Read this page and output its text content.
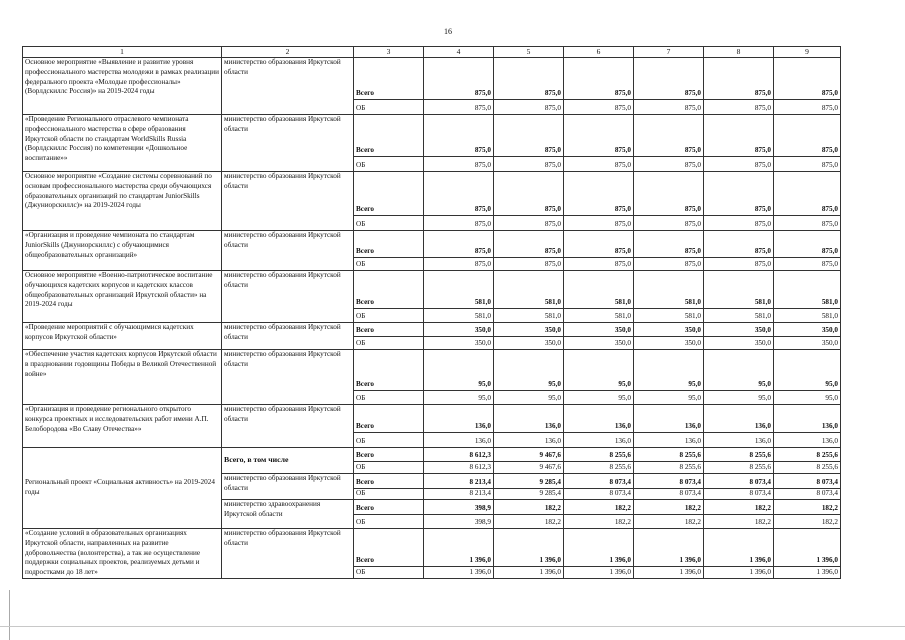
16
1	2	3	4	5	6	7	8	9
Основное мероприятие «Выявление и развитие уровня профессионального мастерства молодежи в рамках реализации федерального проекта «Молодые профессионалы» (Ворлдскиллс Россия)» на 2019-2024 годы	министерство образования Иркутской области	Всего	875,0	875,0	875,0	875,0	875,0	875,0
		ОБ	875,0	875,0	875,0	875,0	875,0	875,0
«Проведение Регионального отраслевого чемпионата профессионального мастерства в сфере образования Иркутской области по стандартам WorldSkills Russia (Ворлдскиллс Россия) по компетенции «Дошкольное воспитание»»	министерство образования Иркутской области	Всего	875,0	875,0	875,0	875,0	875,0	875,0
		ОБ	875,0	875,0	875,0	875,0	875,0	875,0
Основное мероприятие «Создание системы соревнований по основам профессионального мастерства среди обучающихся образовательных организаций по стандартам JuniorSkills (Джуниорскиллс)» на 2019-2024 годы	министерство образования Иркутской области	Всего	875,0	875,0	875,0	875,0	875,0	875,0
		ОБ	875,0	875,0	875,0	875,0	875,0	875,0
«Организация и проведение чемпионата по стандартам JuniorSkills (Джуниорскиллс) с обучающимися общеобразовательных организаций»	министерство образования Иркутской области	Всего	875,0	875,0	875,0	875,0	875,0	875,0
		ОБ	875,0	875,0	875,0	875,0	875,0	875,0
Основное мероприятие «Военно-патриотическое воспитание обучающихся кадетских корпусов и кадетских классов общеобразовательных организаций Иркутской области» на 2019-2024 годы	министерство образования Иркутской области	Всего	581,0	581,0	581,0	581,0	581,0	581,0
		ОБ	581,0	581,0	581,0	581,0	581,0	581,0
«Проведение мероприятий с обучающимися кадетских корпусов Иркутской области»	министерство образования Иркутской области	Всего	350,0	350,0	350,0	350,0	350,0	350,0
		ОБ	350,0	350,0	350,0	350,0	350,0	350,0
«Обеспечение участия кадетских корпусов Иркутской области в праздновании годовщины Победы в Великой Отечественной войне»	министерство образования Иркутской области	Всего	95,0	95,0	95,0	95,0	95,0	95,0
		ОБ	95,0	95,0	95,0	95,0	95,0	95,0
«Организация и проведение регионального открытого конкурса проектных и исследовательских работ имени А.П. Белобородова «Во Славу Отечества»»	министерство образования Иркутской области	Всего	136,0	136,0	136,0	136,0	136,0	136,0
		ОБ	136,0	136,0	136,0	136,0	136,0	136,0
Региональный проект «Социальная активность» на 2019-2024 годы	Всего, в том числе	Всего	8 612,3	9 467,6	8 255,6	8 255,6	8 255,6	8 255,6
		ОБ	8 612,3	9 467,6	8 255,6	8 255,6	8 255,6	8 255,6
	министерство образования Иркутской области	Всего	8 213,4	9 285,4	8 073,4	8 073,4	8 073,4	8 073,4
		ОБ	8 213,4	9 285,4	8 073,4	8 073,4	8 073,4	8 073,4
	министерство здравоохранения Иркутской области	Всего	398,9	182,2	182,2	182,2	182,2	182,2
		ОБ	398,9	182,2	182,2	182,2	182,2	182,2
«Создание условий в образовательных организациях Иркутской области, направленных на развитие добровольчества (волонтерства), а так же осуществление поддержки социальных проектов, реализуемых детьми и подростками до 18 лет»	министерство образования Иркутской области	Всего	1 396,0	1 396,0	1 396,0	1 396,0	1 396,0	1 396,0
		ОБ	1 396,0	1 396,0	1 396,0	1 396,0	1 396,0	1 396,0
